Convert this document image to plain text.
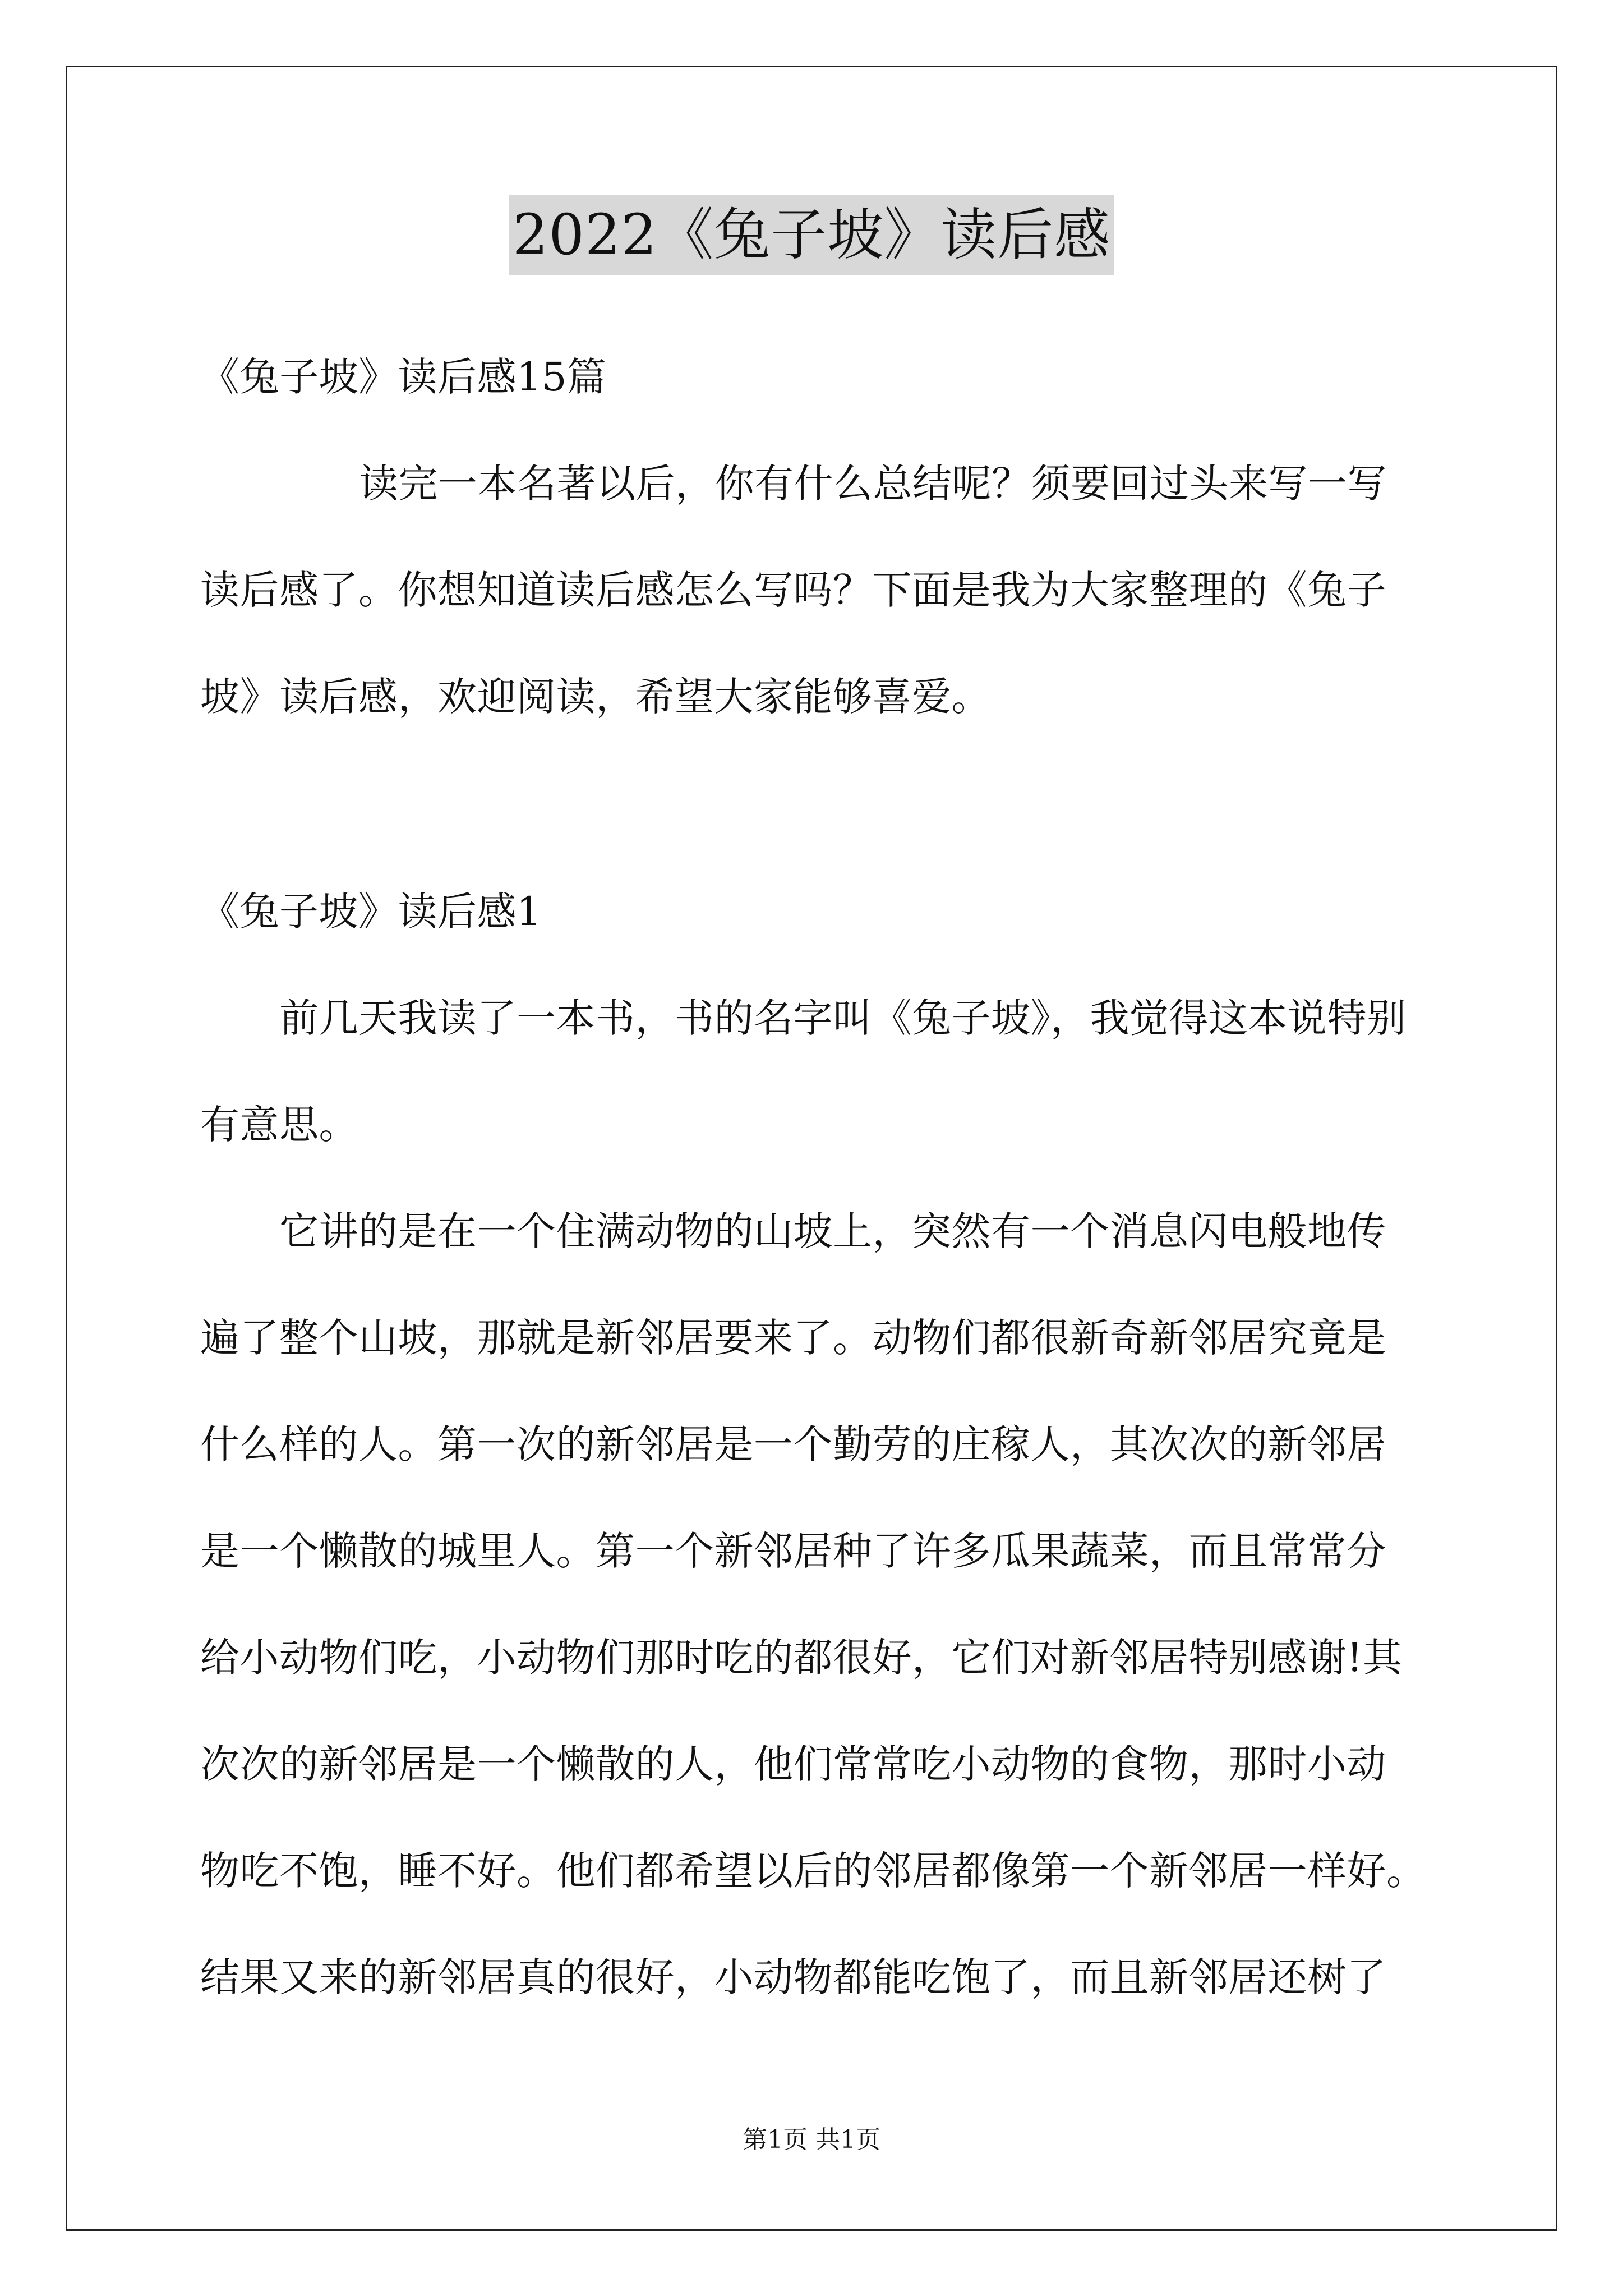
2022《兔子坡》读后感
《兔子坡》读后感15篇
读完一本名著以后，你有什么总结呢？须要回过头来写一写
读后感了。你想知道读后感怎么写吗？下面是我为大家整理的《兔子
坡》读后感，欢迎阅读，希望大家能够喜爱。
《兔子坡》读后感1
前几天我读了一本书，书的名字叫《兔子坡》，我觉得这本说特别
有意思。
它讲的是在一个住满动物的山坡上，突然有一个消息闪电般地传
遍了整个山坡，那就是新邻居要来了。动物们都很新奇新邻居究竟是
什么样的人。第一次的新邻居是一个勤劳的庄稼人，其次次的新邻居
是一个懒散的城里人。第一个新邻居种了许多瓜果蔬菜，而且常常分
给小动物们吃，小动物们那时吃的都很好，它们对新邻居特别感谢!其
次次的新邻居是一个懒散的人，他们常常吃小动物的食物，那时小动
物吃不饱，睡不好。他们都希望以后的邻居都像第一个新邻居一样好。
结果又来的新邻居真的很好，小动物都能吃饱了，而且新邻居还树了
第1页 共1页
